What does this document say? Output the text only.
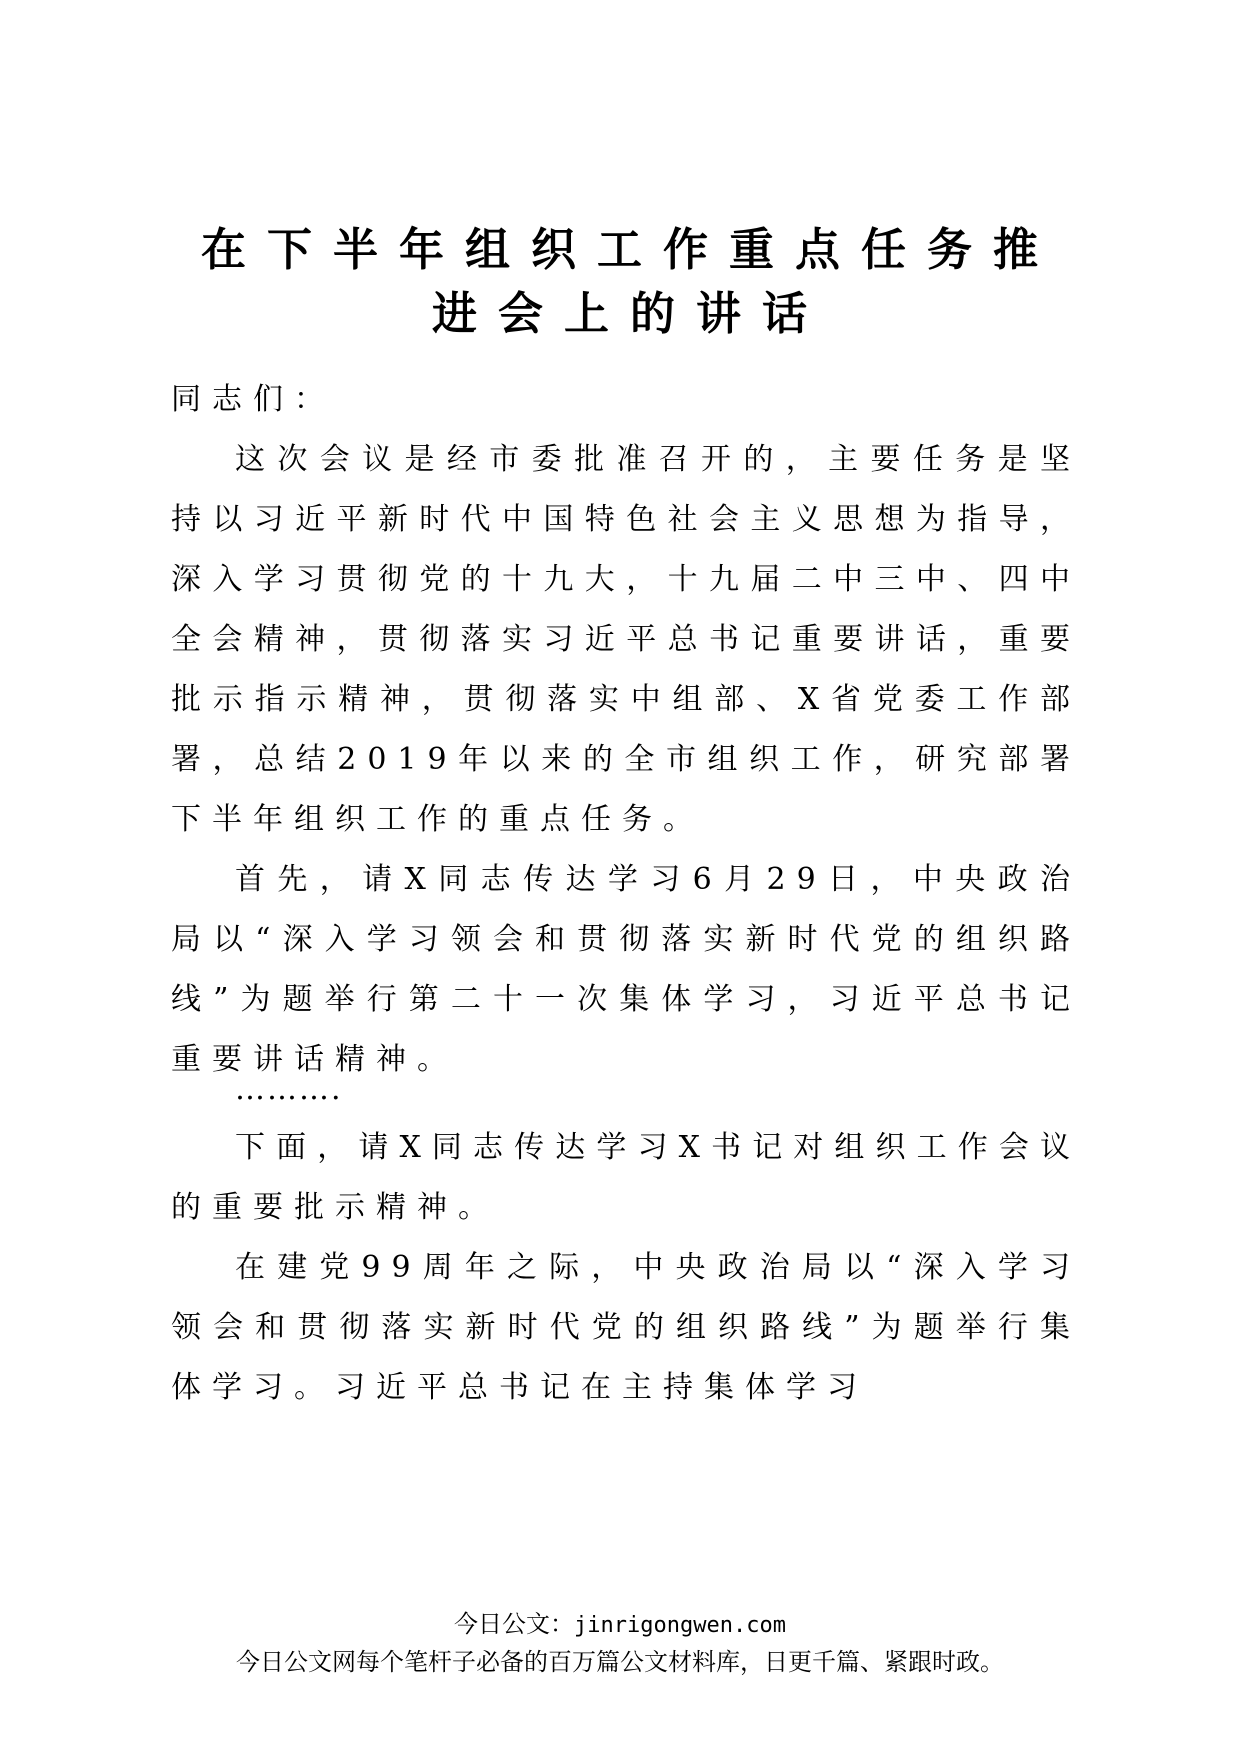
在下半年组织工作重点任务推
进会上的讲话

同志们：

这次会议是经市委批准召开的，主要任务是坚持以习近平新时代中国特色社会主义思想为指导，深入学习贯彻党的十九大，十九届二中三中、四中全会精神，贯彻落实习近平总书记重要讲话，重要批示指示精神，贯彻落实中组部、X省党委工作部署，总结2019年以来的全市组织工作，研究部署下半年组织工作的重点任务。

首先，请X同志传达学习6月29日，中央政治局以“深入学习领会和贯彻落实新时代党的组织路线”为题举行第二十一次集体学习，习近平总书记重要讲话精神。

……….

下面，请X同志传达学习X书记对组织工作会议的重要批示精神。

在建党99周年之际，中央政治局以“深入学习领会和贯彻落实新时代党的组织路线”为题举行集体学习。习近平总书记在主持集体学习

今日公文：jinrigongwen.com
今日公文网每个笔杆子必备的百万篇公文材料库，日更千篇、紧跟时政。
